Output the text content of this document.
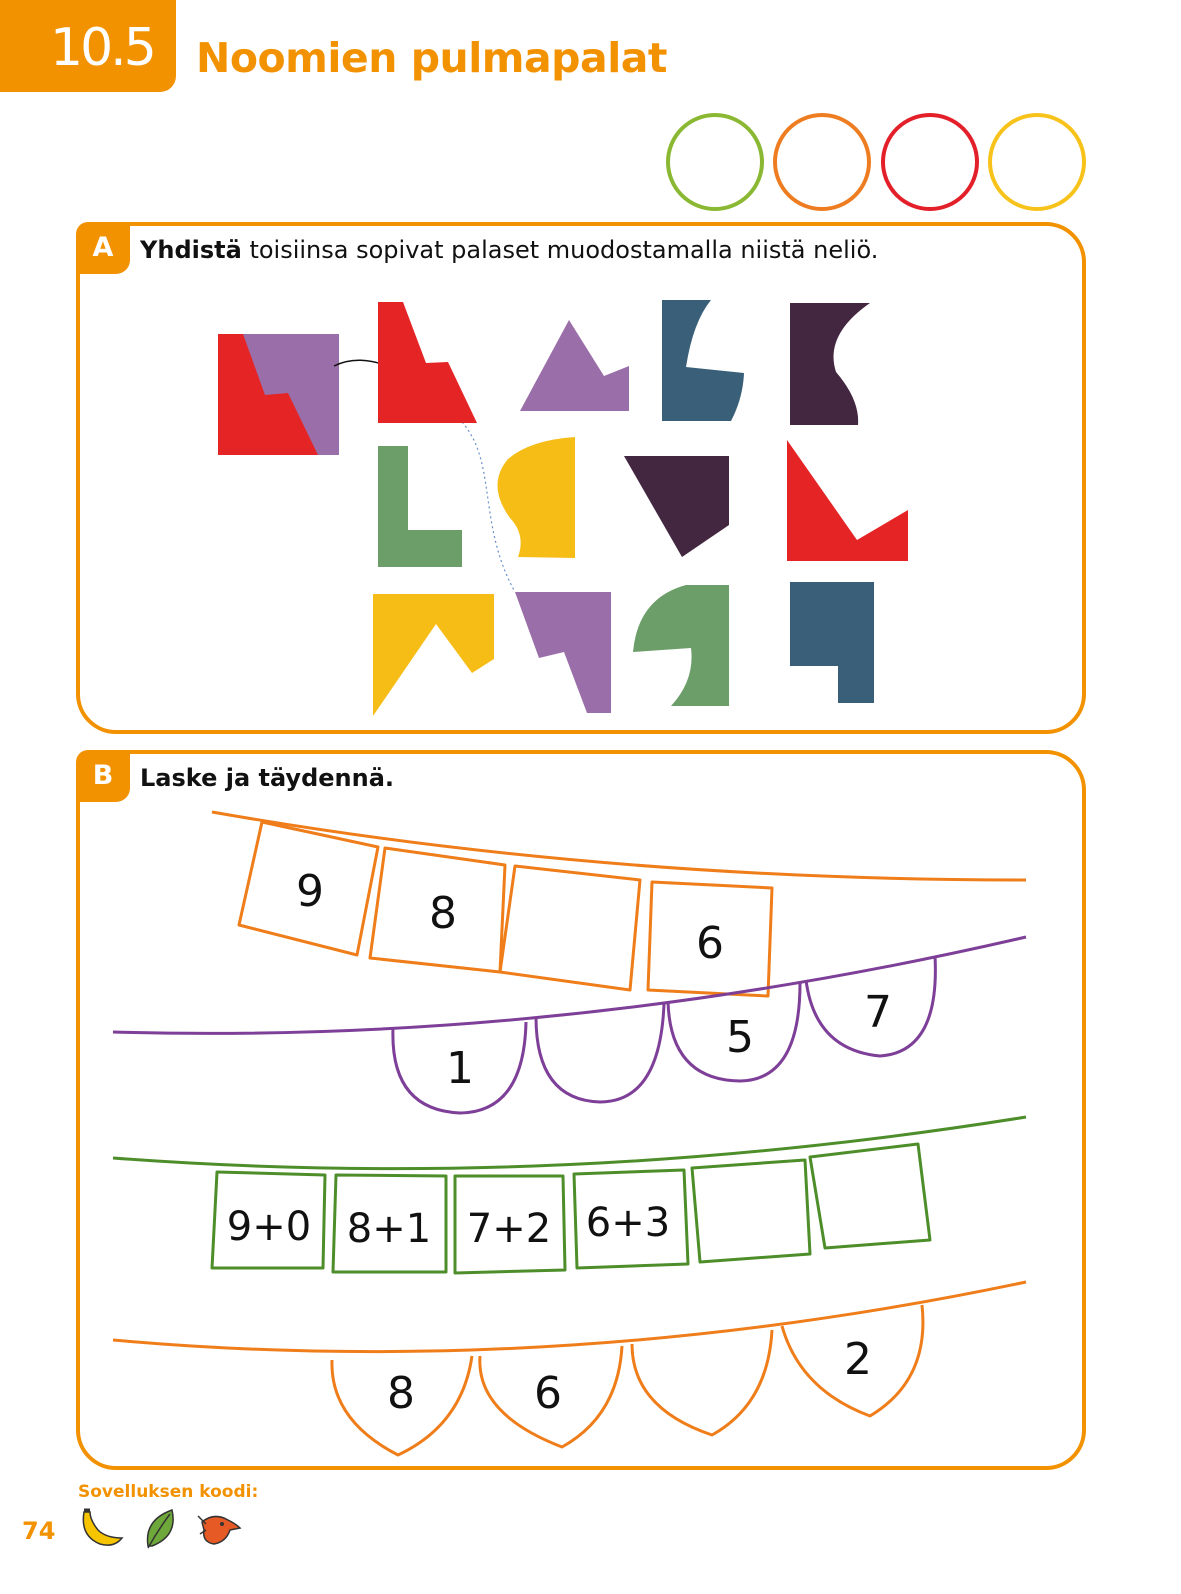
10.5 Noomien pulmapalat
A	Yhdistä toisiinsa sopivat palaset muodostamalla niistä neliö.
B	Laske ja täydennä.
9 8
6
1
5	7
9+0 8+1 7+2 6+3
8	6
2
Sovelluksen koodi:
74
